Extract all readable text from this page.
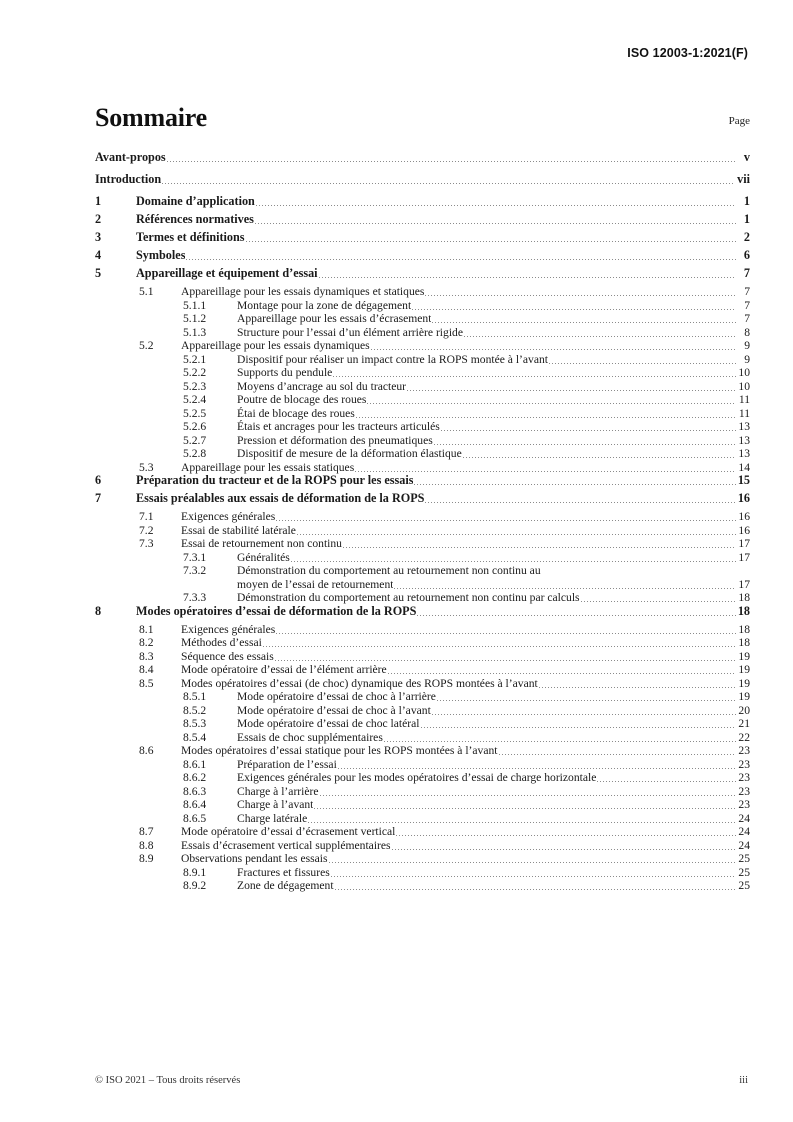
ISO 12003-1:2021(F)
Sommaire	Page
Avant-propos	v
Introduction	vii
1	Domaine d’application	1
2	Références normatives	1
3	Termes et définitions	2
4	Symboles	6
5	Appareillage et équipement d’essai	7
5.1	Appareillage pour les essais dynamiques et statiques	7
5.1.1	Montage pour la zone de dégagement	7
5.1.2	Appareillage pour les essais d’écrasement	7
5.1.3	Structure pour l’essai d’un élément arrière rigide	8
5.2	Appareillage pour les essais dynamiques	9
5.2.1	Dispositif pour réaliser un impact contre la ROPS montée à l’avant	9
5.2.2	Supports du pendule	10
5.2.3	Moyens d’ancrage au sol du tracteur	10
5.2.4	Poutre de blocage des roues	11
5.2.5	Étai de blocage des roues	11
5.2.6	Étais et ancrages pour les tracteurs articulés	13
5.2.7	Pression et déformation des pneumatiques	13
5.2.8	Dispositif de mesure de la déformation élastique	13
5.3	Appareillage pour les essais statiques	14
6	Préparation du tracteur et de la ROPS pour les essais	15
7	Essais préalables aux essais de déformation de la ROPS	16
7.1	Exigences générales	16
7.2	Essai de stabilité latérale	16
7.3	Essai de retournement non continu	17
7.3.1	Généralités	17
7.3.2	Démonstration du comportement au retournement non continu au
moyen de l’essai de retournement	17
7.3.3	Démonstration du comportement au retournement non continu par calculs	18
8	Modes opératoires d’essai de déformation de la ROPS	18
8.1	Exigences générales	18
8.2	Méthodes d’essai	18
8.3	Séquence des essais	19
8.4	Mode opératoire d’essai de l’élément arrière	19
8.5	Modes opératoires d’essai (de choc) dynamique des ROPS montées à l’avant	19
8.5.1	Mode opératoire d’essai de choc à l’arrière	19
8.5.2	Mode opératoire d’essai de choc à l’avant	20
8.5.3	Mode opératoire d’essai de choc latéral	21
8.5.4	Essais de choc supplémentaires	22
8.6	Modes opératoires d’essai statique pour les ROPS montées à l’avant	23
8.6.1	Préparation de l’essai	23
8.6.2	Exigences générales pour les modes opératoires d’essai de charge horizontale	23
8.6.3	Charge à l’arrière	23
8.6.4	Charge à l’avant	23
8.6.5	Charge latérale	24
8.7	Mode opératoire d’essai d’écrasement vertical	24
8.8	Essais d’écrasement vertical supplémentaires	24
8.9	Observations pendant les essais	25
8.9.1	Fractures et fissures	25
8.9.2	Zone de dégagement	25
© ISO 2021 – Tous droits réservés	iii
